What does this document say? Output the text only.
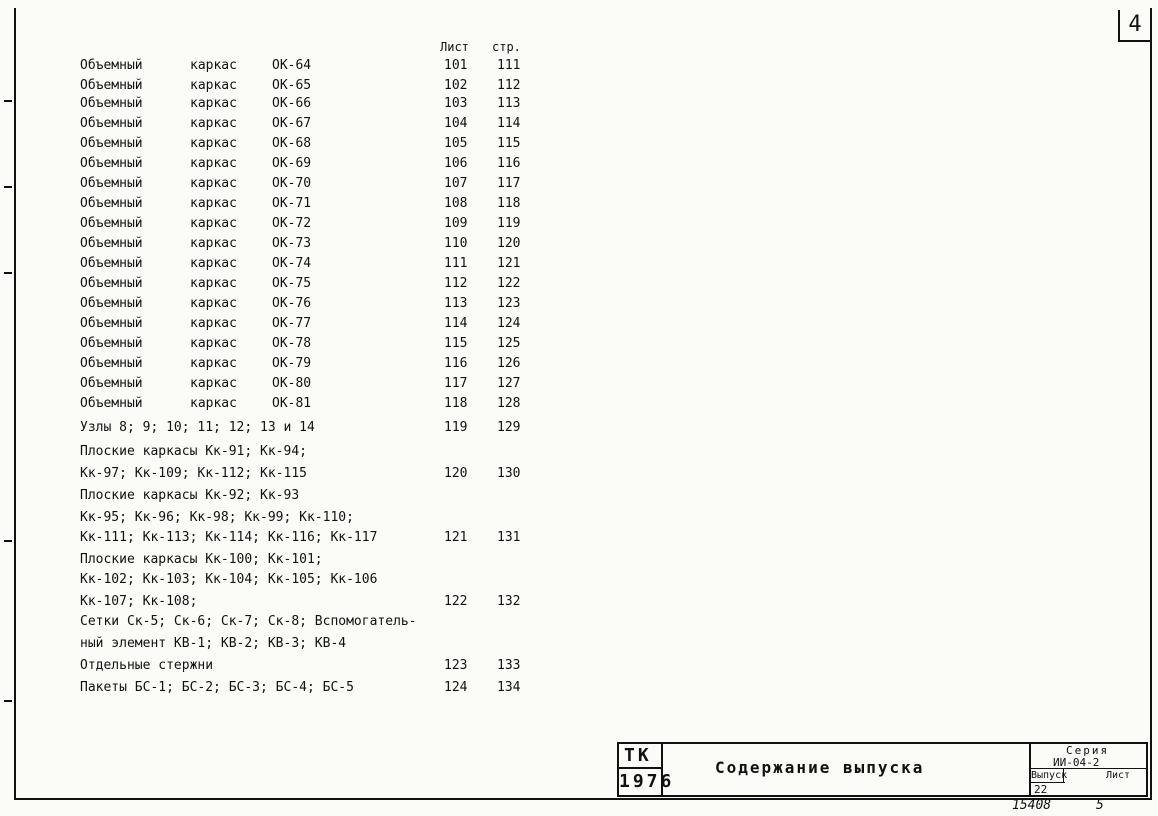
4
Лист стр.
Объемный	каркас	ОК-64	101 111
Объемный	каркас	ОК-65	102 112
Объемный	каркас	ОК-66	103 113
Объемный	каркас	ОК-67	104 114
Объемный	каркас	ОК-68	105 115
Объемный	каркас	ОК-69	106 116
Объемный	каркас	ОК-70	107 117
Объемный	каркас	ОК-71	108 118
Объемный	каркас	ОК-72	109 119
Объемный	каркас	ОК-73	110 120
Объемный	каркас	ОК-74	111 121
Объемный	каркас	ОК-75	112 122
Объемный	каркас	ОК-76	113 123
Объемный	каркас	ОК-77	114 124
Объемный	каркас	ОК-78	115 125
Объемный	каркас	ОК-79	116 126
Объемный	каркас	ОК-80	117 127
Объемный	каркас	ОК-81	118 128
Узлы 8; 9; 10; 11; 12; 13 и 14	119 129
Плоские каркасы Кк-91; Кк-94;
Кк-97; Кк-109; Кк-112; Кк-115	120 130
Плоские каркасы Кк-92; Кк-93
Кк-95; Кк-96; Кк-98; Кк-99; Кк-110;
Кк-111; Кк-113; Кк-114; Кк-116; Кк-117	121 131
Плоские каркасы Кк-100; Кк-101;
Кк-102; Кк-103; Кк-104; Кк-105; Кк-106
Кк-107; Кк-108;	122 132
Сетки Ск-5; Ск-6; Ск-7; Ск-8; Вспомогатель-
ный элемент КВ-1; КВ-2; КВ-3; КВ-4
Отдельные стержни	123 133
Пакеты БС-1; БС-2; БС-3; БС-4; БС-5	124 134
ТК
1976
Содержание выпуска
Серия
ИИ-04-2
Выпуск	Лист
22
15408	5
